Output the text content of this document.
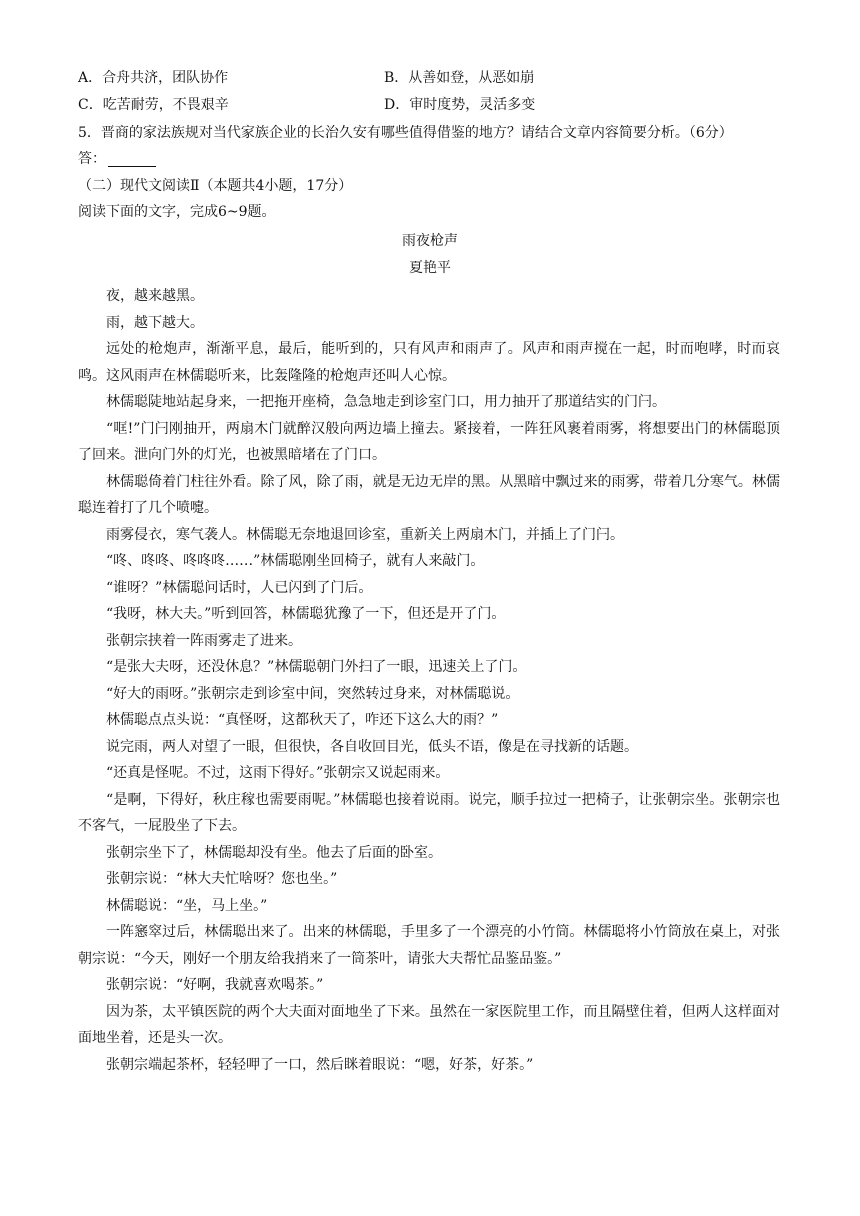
A．合舟共济，团队协作	B．从善如登，从恶如崩
C．吃苦耐劳，不畏艰辛	D．审时度势，灵活多变
5．晋商的家法族规对当代家族企业的长治久安有哪些值得借鉴的地方？请结合文章内容简要分析。（6分）
答：
（二）现代文阅读Ⅱ（本题共4小题，17分）
阅读下面的文字，完成6~9题。
雨夜枪声
夏艳平

夜，越来越黑。

雨，越下越大。

远处的枪炮声，渐渐平息，最后，能听到的，只有风声和雨声了。风声和雨声搅在一起，时而咆哮，时而哀鸣。这风雨声在林儒聪听来，比轰隆隆的枪炮声还叫人心惊。

林儒聪陡地站起身来，一把拖开座椅，急急地走到诊室门口，用力抽开了那道结实的门闩。

“哐!”门闩刚抽开，两扇木门就醉汉般向两边墙上撞去。紧接着，一阵狂风裹着雨雾，将想要出门的林儒聪顶了回来。泄向门外的灯光，也被黑暗堵在了门口。

林儒聪倚着门柱往外看。除了风，除了雨，就是无边无岸的黑。从黑暗中飘过来的雨雾，带着几分寒气。林儒聪连着打了几个喷嚏。

雨雾侵衣，寒气袭人。林儒聪无奈地退回诊室，重新关上两扇木门，并插上了门闩。

“咚、咚咚、咚咚咚……”林儒聪刚坐回椅子，就有人来敲门。

“谁呀？”林儒聪问话时，人已闪到了门后。

“我呀，林大夫。”听到回答，林儒聪犹豫了一下，但还是开了门。

张朝宗挟着一阵雨雾走了进来。

“是张大夫呀，还没休息？”林儒聪朝门外扫了一眼，迅速关上了门。

“好大的雨呀。”张朝宗走到诊室中间，突然转过身来，对林儒聪说。

林儒聪点点头说：“真怪呀，这都秋天了，咋还下这么大的雨？”

说完雨，两人对望了一眼，但很快，各自收回目光，低头不语，像是在寻找新的话题。

“还真是怪呢。不过，这雨下得好。”张朝宗又说起雨来。

“是啊，下得好，秋庄稼也需要雨呢。”林儒聪也接着说雨。说完，顺手拉过一把椅子，让张朝宗坐。张朝宗也不客气，一屁股坐了下去。

张朝宗坐下了，林儒聪却没有坐。他去了后面的卧室。

张朝宗说：“林大夫忙啥呀？您也坐。”

林儒聪说：“坐，马上坐。”

一阵窸窣过后，林儒聪出来了。出来的林儒聪，手里多了一个漂亮的小竹筒。林儒聪将小竹筒放在桌上，对张朝宗说：“今天，刚好一个朋友给我捎来了一筒茶叶，请张大夫帮忙品鉴品鉴。”

张朝宗说：“好啊，我就喜欢喝茶。”

因为茶，太平镇医院的两个大夫面对面地坐了下来。虽然在一家医院里工作，而且隔壁住着，但两人这样面对面地坐着，还是头一次。

张朝宗端起茶杯，轻轻呷了一口，然后眯着眼说：“嗯，好茶，好茶。”
